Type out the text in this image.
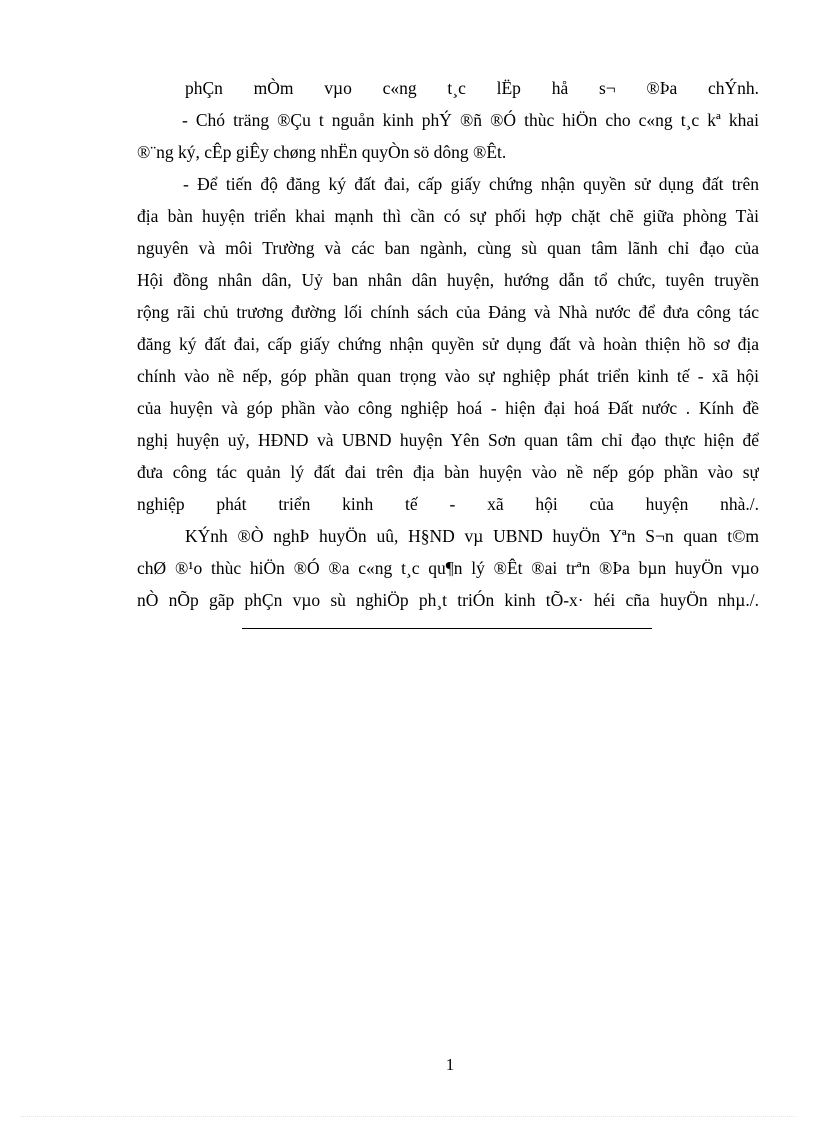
phÇn mÒm vµo c«ng t¸c lËp hå s¬ ®Þa chÝnh.
- Chó träng ®Çu t nguån kinh phÝ ®ñ ®Ó thùc hiÖn cho c«ng t¸c kª khai
®¨ng ký, cÊp giÊy chøng nhËn quyÒn sö dông ®Êt.
- Để tiến độ đăng ký đất đai, cấp giấy chứng nhận quyền sử dụng đất trên
địa bàn huyện triển khai mạnh thì cần có sự phối hợp chặt chẽ giữa phòng Tài
nguyên và môi Trường và các ban ngành, cùng sù quan tâm lãnh chỉ đạo của
Hội đồng nhân dân, Uỷ ban nhân dân huyện, hướng dẫn tổ chức, tuyên truyền
rộng rãi chủ trương đường lối chính sách của Đảng và Nhà nước để đưa công tác
đăng ký đất đai, cấp giấy chứng nhận quyền sử dụng đất và hoàn thiện hồ sơ địa
chính vào nề nếp, góp phần quan trọng vào sự nghiệp phát triển kinh tế - xã hội
của huyện và góp phần vào công nghiệp hoá - hiện đại hoá Đất nước . Kính đề
nghị huyện uỷ, HĐND và UBND huyện Yên Sơn quan tâm chỉ đạo thực hiện để
đưa công tác quản lý đất đai trên địa bàn huyện vào nề nếp góp phần vào sự
nghiệp phát triển kinh tế - xã hội của huyện nhà./.
KÝnh ®Ò nghÞ huyÖn uû, H§ND vµ UBND huyÖn Yªn S¬n quan t©m
chØ ®¹o thùc hiÖn ®Ó ®a c«ng t¸c qu¶n lý ®Êt ®ai trªn ®Þa bµn huyÖn vµo
nÒ nÕp gãp phÇn vµo sù nghiÖp ph¸t triÓn kinh tÕ-x· héi cña huyÖn nhµ./.
1
